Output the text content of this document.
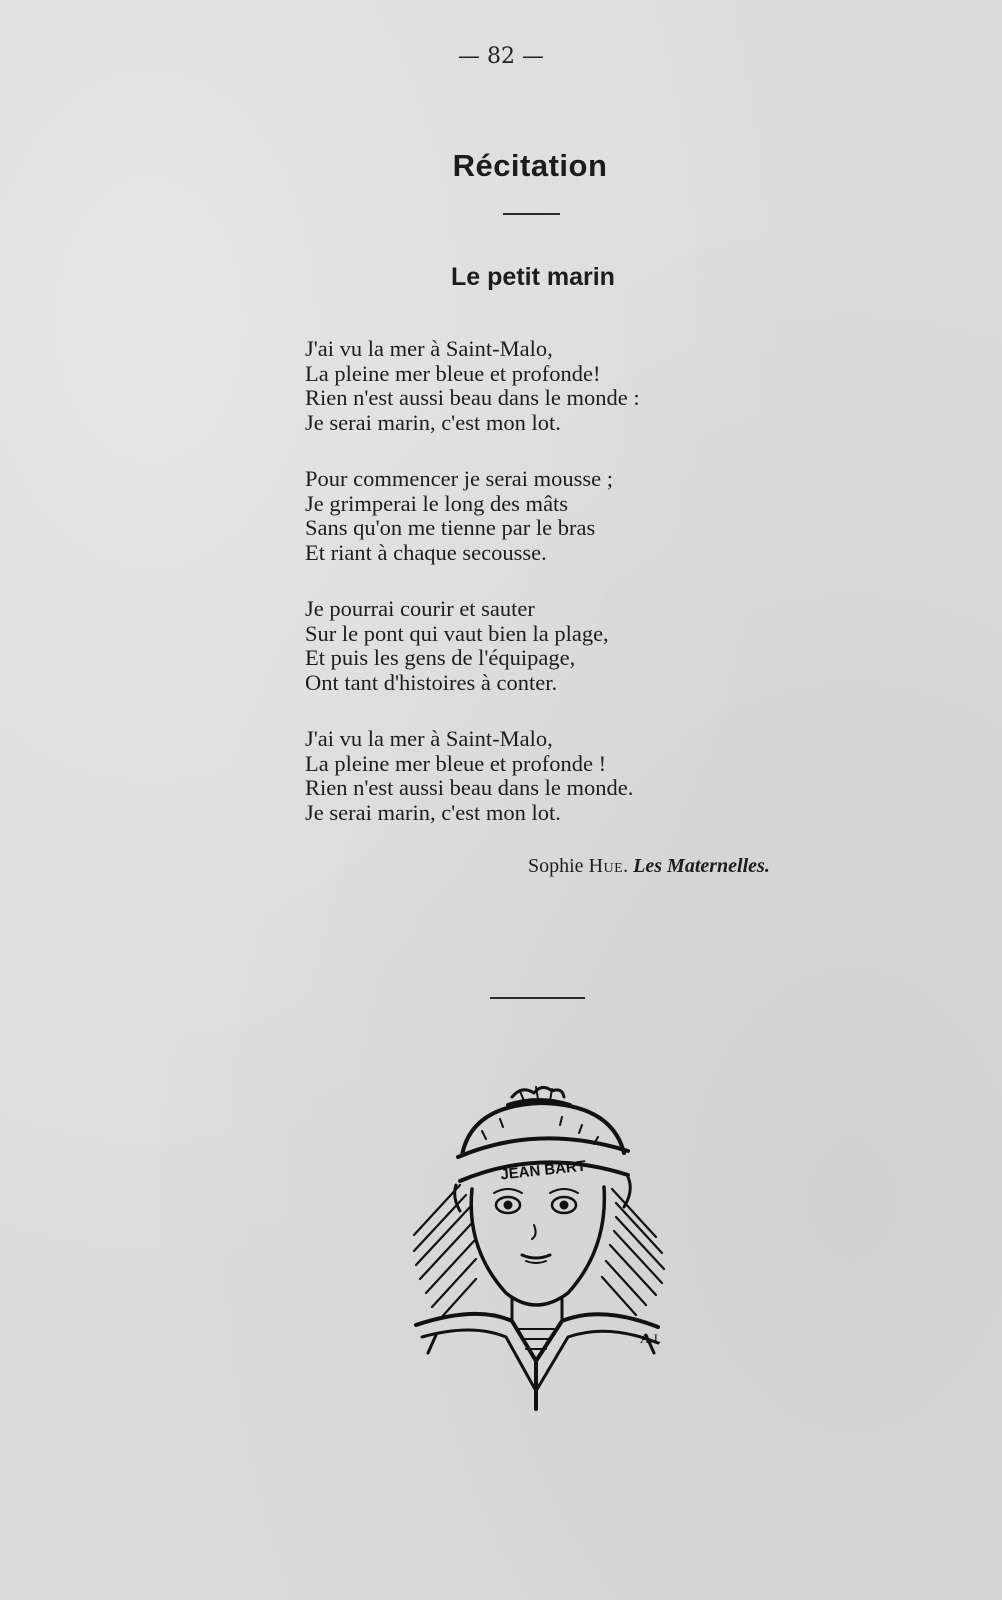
— 82 —
Récitation
Le petit marin
J'ai vu la mer à Saint-Malo,
La pleine mer bleue et profonde!
Rien n'est aussi beau dans le monde :
Je serai marin, c'est mon lot.
Pour commencer je serai mousse ;
Je grimperai le long des mâts
Sans qu'on me tienne par le bras
Et riant à chaque secousse.
Je pourrai courir et sauter
Sur le pont qui vaut bien la plage,
Et puis les gens de l'équipage,
Ont tant d'histoires à conter.
J'ai vu la mer à Saint-Malo,
La pleine mer bleue et profonde !
Rien n'est aussi beau dans le monde.
Je serai marin, c'est mon lot.
Sophie Hue. Les Maternelles.
JEAN BART
A.J.
